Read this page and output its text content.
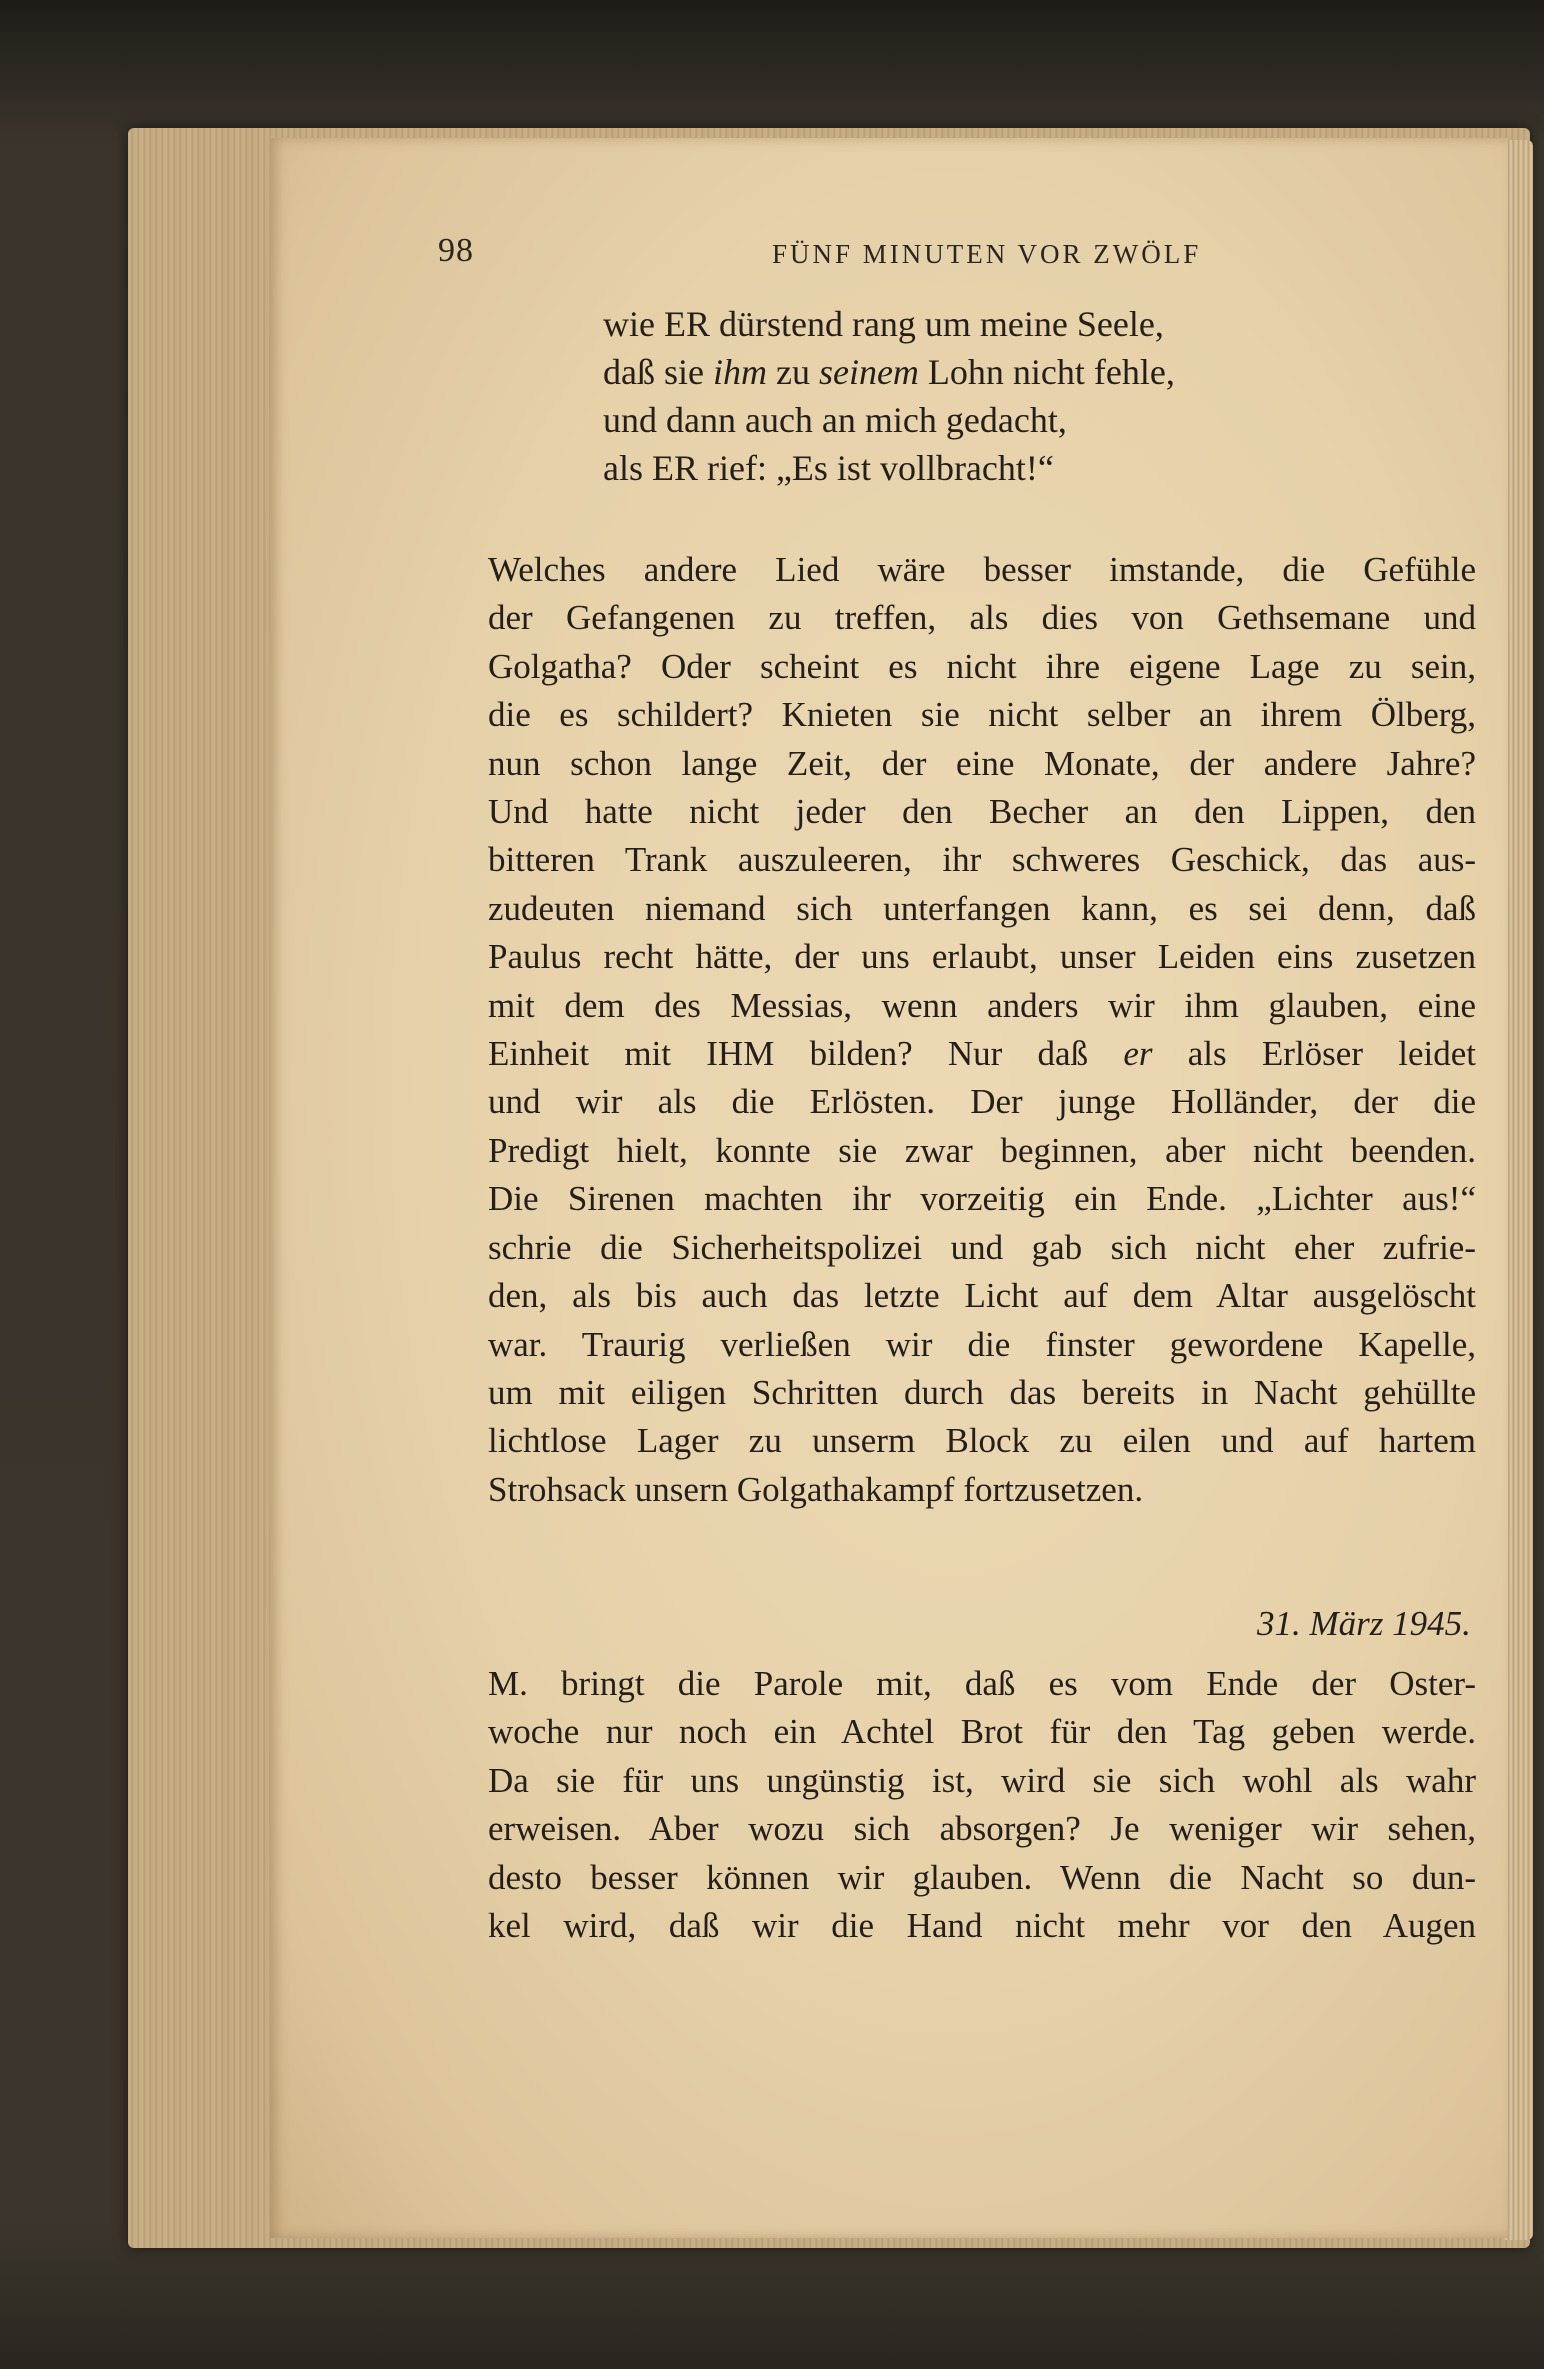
98	FÜNF MINUTEN VOR ZWÖLF
wie ER dürstend rang um meine Seele,
daß sie ihm zu seinem Lohn nicht fehle,
und dann auch an mich gedacht,
als ER rief: „Es ist vollbracht!“
Welches andere Lied wäre besser imstande, die Gefühle
der Gefangenen zu treffen, als dies von Gethsemane und
Golgatha? Oder scheint es nicht ihre eigene Lage zu sein,
die es schildert? Knieten sie nicht selber an ihrem Ölberg,
nun schon lange Zeit, der eine Monate, der andere Jahre?
Und hatte nicht jeder den Becher an den Lippen, den
bitteren Trank auszuleeren, ihr schweres Geschick, das aus-
zudeuten niemand sich unterfangen kann, es sei denn, daß
Paulus recht hätte, der uns erlaubt, unser Leiden eins zusetzen
mit dem des Messias, wenn anders wir ihm glauben, eine
Einheit mit IHM bilden? Nur daß er als Erlöser leidet
und wir als die Erlösten. Der junge Holländer, der die
Predigt hielt, konnte sie zwar beginnen, aber nicht beenden.
Die Sirenen machten ihr vorzeitig ein Ende. „Lichter aus!“
schrie die Sicherheitspolizei und gab sich nicht eher zufrie-
den, als bis auch das letzte Licht auf dem Altar ausgelöscht
war. Traurig verließen wir die finster gewordene Kapelle,
um mit eiligen Schritten durch das bereits in Nacht gehüllte
lichtlose Lager zu unserm Block zu eilen und auf hartem
Strohsack unsern Golgathakampf fortzusetzen.
31. März 1945.
M. bringt die Parole mit, daß es vom Ende der Oster-
woche nur noch ein Achtel Brot für den Tag geben werde.
Da sie für uns ungünstig ist, wird sie sich wohl als wahr
erweisen. Aber wozu sich absorgen? Je weniger wir sehen,
desto besser können wir glauben. Wenn die Nacht so dun-
kel wird, daß wir die Hand nicht mehr vor den Augen
